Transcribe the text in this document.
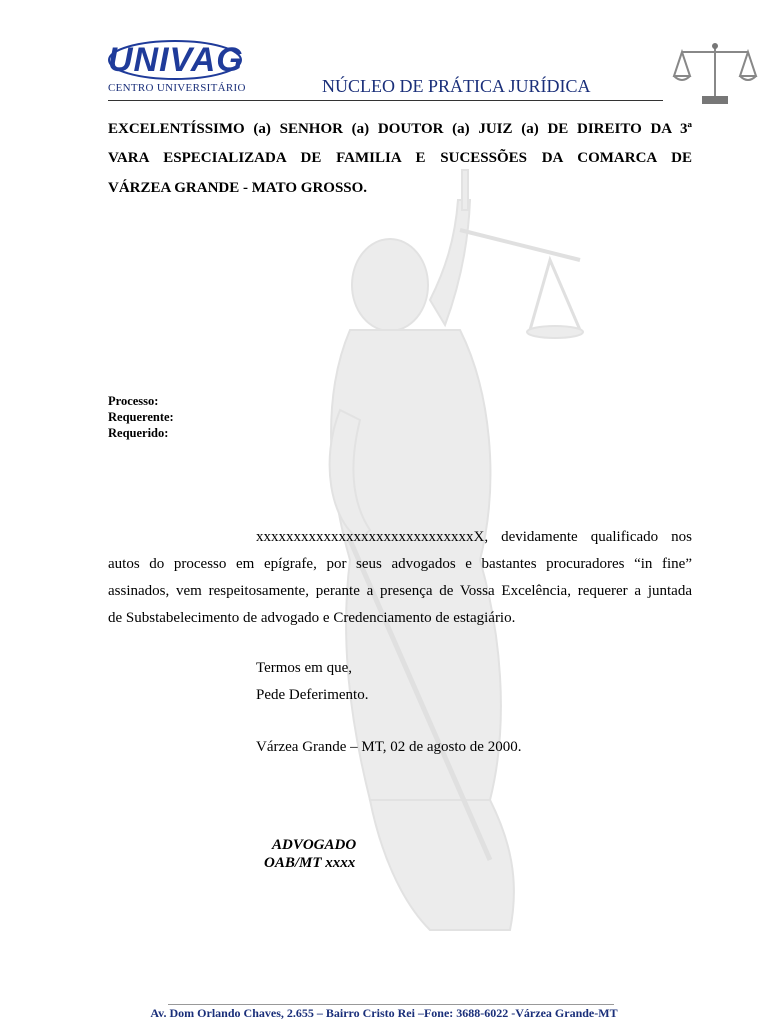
UNIVAG
CENTRO UNIVERSITÁRIO	NÚCLEO DE PRÁTICA JURÍDICA
EXCELENTÍSSIMO (a) SENHOR (a) DOUTOR (a) JUIZ (a) DE DIREITO DA 3ª
VARA ESPECIALIZADA DE FAMILIA E SUCESSÕES DA COMARCA DE
VÁRZEA GRANDE - MATO GROSSO.
Processo:
Requerente:
Requerido:
xxxxxxxxxxxxxxxxxxxxxxxxxxxxxX, devidamente qualificado nos
autos do processo em epígrafe, por seus advogados e bastantes procuradores “in fine”
assinados, vem respeitosamente, perante a presença de Vossa Excelência, requerer a juntada
de Substabelecimento de advogado e Credenciamento de estagiário.
Termos em que,
Pede Deferimento.
Várzea Grande – MT, 02 de agosto de 2000.
ADVOGADO
OAB/MT xxxx
Av. Dom Orlando Chaves, 2.655 – Bairro Cristo Rei –Fone: 3688-6022 -Várzea Grande-MT
